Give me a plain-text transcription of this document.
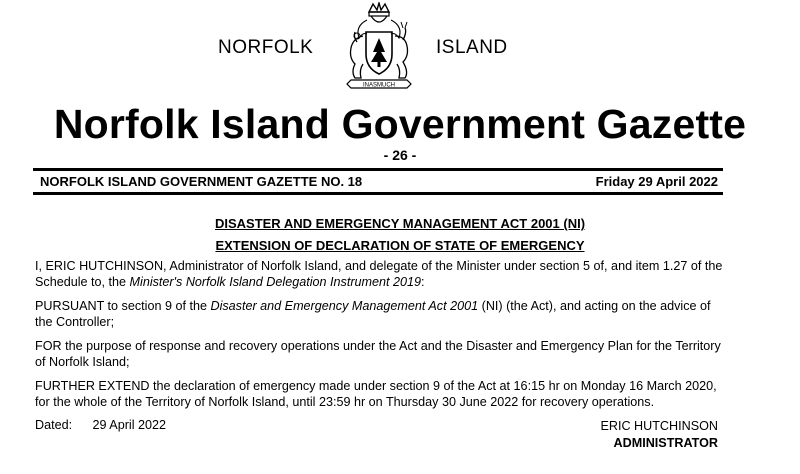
NORFOLK
INASMUCH
ISLAND
Norfolk Island Government Gazette
- 26 -
NORFOLK ISLAND GOVERNMENT GAZETTE NO. 18	Friday 29 April 2022
DISASTER AND EMERGENCY MANAGEMENT ACT 2001 (NI)
EXTENSION OF DECLARATION OF STATE OF EMERGENCY
I, ERIC HUTCHINSON, Administrator of Norfolk Island, and delegate of the Minister under section 5 of, and item 1.27 of the Schedule to, the Minister's Norfolk Island Delegation Instrument 2019:
PURSUANT to section 9 of the Disaster and Emergency Management Act 2001 (NI) (the Act), and acting on the advice of the Controller;
FOR the purpose of response and recovery operations under the Act and the Disaster and Emergency Plan for the Territory of Norfolk Island;
FURTHER EXTEND the declaration of emergency made under section 9 of the Act at 16:15 hr on Monday 16 March 2020, for the whole of the Territory of Norfolk Island, until 23:59 hr on Thursday 30 June 2022 for recovery operations.
Dated: 29 April 2022	ERIC HUTCHINSON
ADMINISTRATOR
